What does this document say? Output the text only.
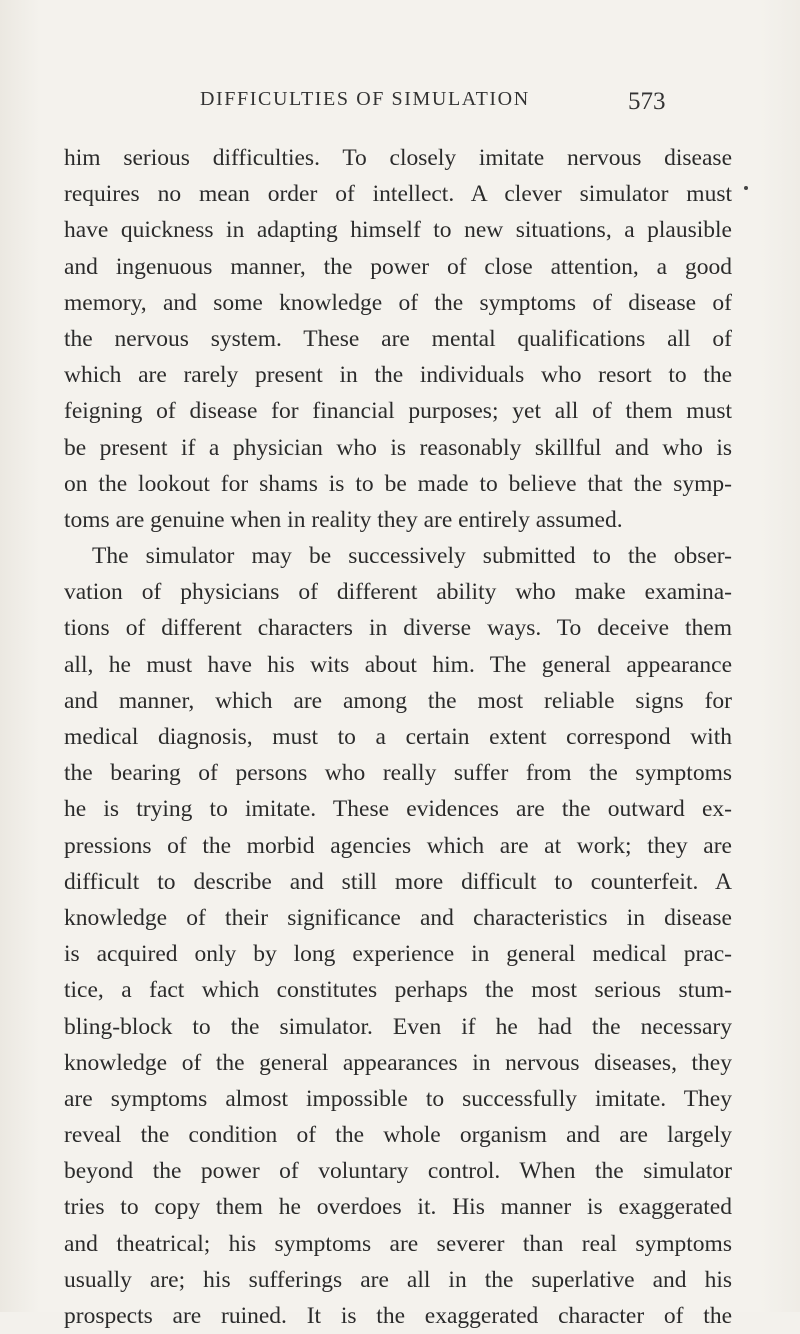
DIFFICULTIES OF SIMULATION	573
him serious difficulties. To closely imitate nervous disease
requires no mean order of intellect. A clever simulator must
have quickness in adapting himself to new situations, a plausible
and ingenuous manner, the power of close attention, a good
memory, and some knowledge of the symptoms of disease of
the nervous system. These are mental qualifications all of
which are rarely present in the individuals who resort to the
feigning of disease for financial purposes; yet all of them must
be present if a physician who is reasonably skillful and who is
on the lookout for shams is to be made to believe that the symp-
toms are genuine when in reality they are entirely assumed.
The simulator may be successively submitted to the obser-
vation of physicians of different ability who make examina-
tions of different characters in diverse ways. To deceive them
all, he must have his wits about him. The general appearance
and manner, which are among the most reliable signs for
medical diagnosis, must to a certain extent correspond with
the bearing of persons who really suffer from the symptoms
he is trying to imitate. These evidences are the outward ex-
pressions of the morbid agencies which are at work; they are
difficult to describe and still more difficult to counterfeit. A
knowledge of their significance and characteristics in disease
is acquired only by long experience in general medical prac-
tice, a fact which constitutes perhaps the most serious stum-
bling-block to the simulator. Even if he had the necessary
knowledge of the general appearances in nervous diseases, they
are symptoms almost impossible to successfully imitate. They
reveal the condition of the whole organism and are largely
beyond the power of voluntary control. When the simulator
tries to copy them he overdoes it. His manner is exaggerated
and theatrical; his symptoms are severer than real symptoms
usually are; his sufferings are all in the superlative and his
prospects are ruined. It is the exaggerated character of the
